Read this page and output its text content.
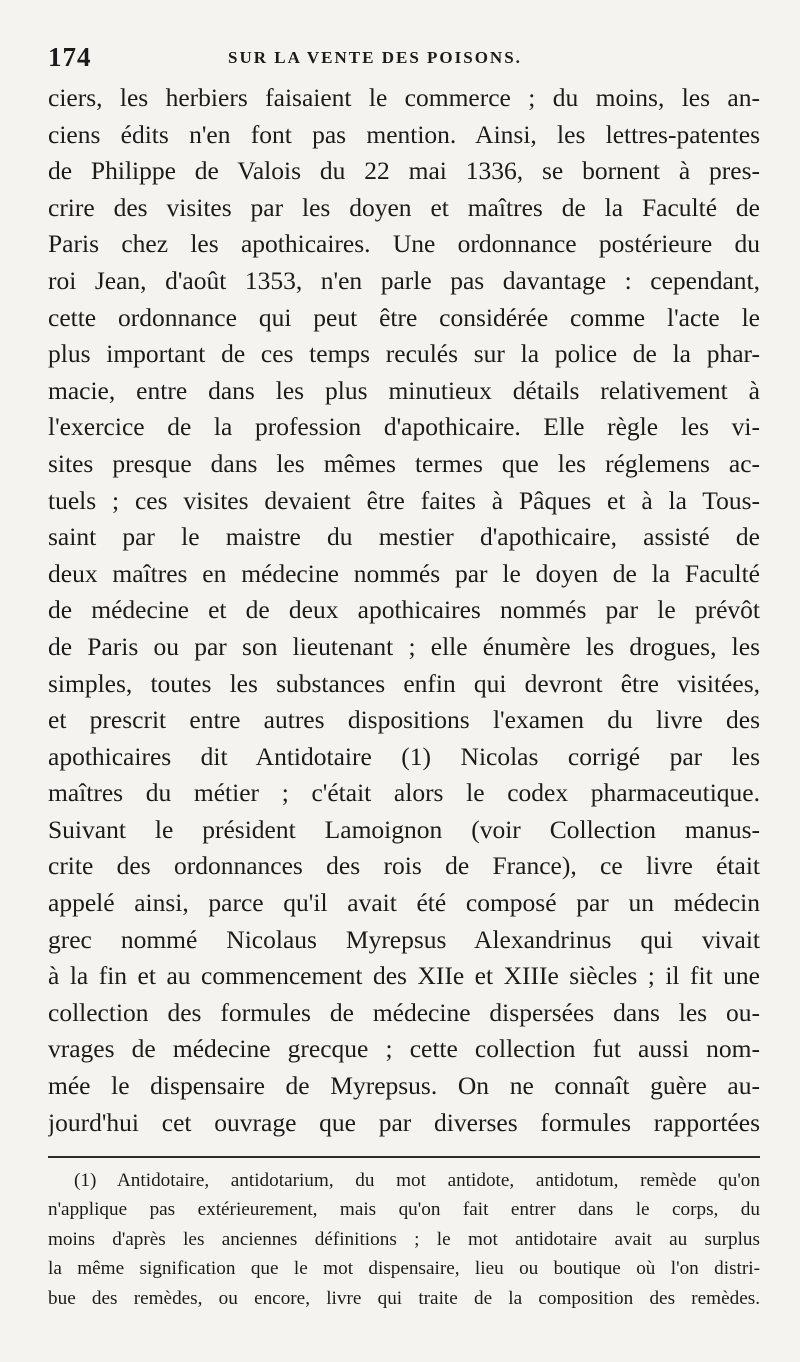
174	SUR LA VENTE DES POISONS.
ciers, les herbiers faisaient le commerce ; du moins, les an-
ciens édits n'en font pas mention. Ainsi, les lettres-patentes
de Philippe de Valois du 22 mai 1336, se bornent à pres-
crire des visites par les doyen et maîtres de la Faculté de
Paris chez les apothicaires. Une ordonnance postérieure du
roi Jean, d'août 1353, n'en parle pas davantage : cependant,
cette ordonnance qui peut être considérée comme l'acte le
plus important de ces temps reculés sur la police de la phar-
macie, entre dans les plus minutieux détails relativement à
l'exercice de la profession d'apothicaire. Elle règle les vi-
sites presque dans les mêmes termes que les réglemens ac-
tuels ; ces visites devaient être faites à Pâques et à la Tous-
saint par le maistre du mestier d'apothicaire, assisté de
deux maîtres en médecine nommés par le doyen de la Faculté
de médecine et de deux apothicaires nommés par le prévôt
de Paris ou par son lieutenant ; elle énumère les drogues, les
simples, toutes les substances enfin qui devront être visitées,
et prescrit entre autres dispositions l'examen du livre des
apothicaires dit Antidotaire (1) Nicolas corrigé par les
maîtres du métier ; c'était alors le codex pharmaceutique.
Suivant le président Lamoignon (voir Collection manus-
crite des ordonnances des rois de France), ce livre était
appelé ainsi, parce qu'il avait été composé par un médecin
grec nommé Nicolaus Myrepsus Alexandrinus qui vivait
à la fin et au commencement des XIIe et XIIIe siècles ; il fit une
collection des formules de médecine dispersées dans les ou-
vrages de médecine grecque ; cette collection fut aussi nom-
mée le dispensaire de Myrepsus. On ne connaît guère au-
jourd'hui cet ouvrage que par diverses formules rapportées
(1) Antidotaire, antidotarium, du mot antidote, antidotum, remède qu'on
n'applique pas extérieurement, mais qu'on fait entrer dans le corps, du
moins d'après les anciennes définitions ; le mot antidotaire avait au surplus
la même signification que le mot dispensaire, lieu ou boutique où l'on distri-
bue des remèdes, ou encore, livre qui traite de la composition des remèdes.
